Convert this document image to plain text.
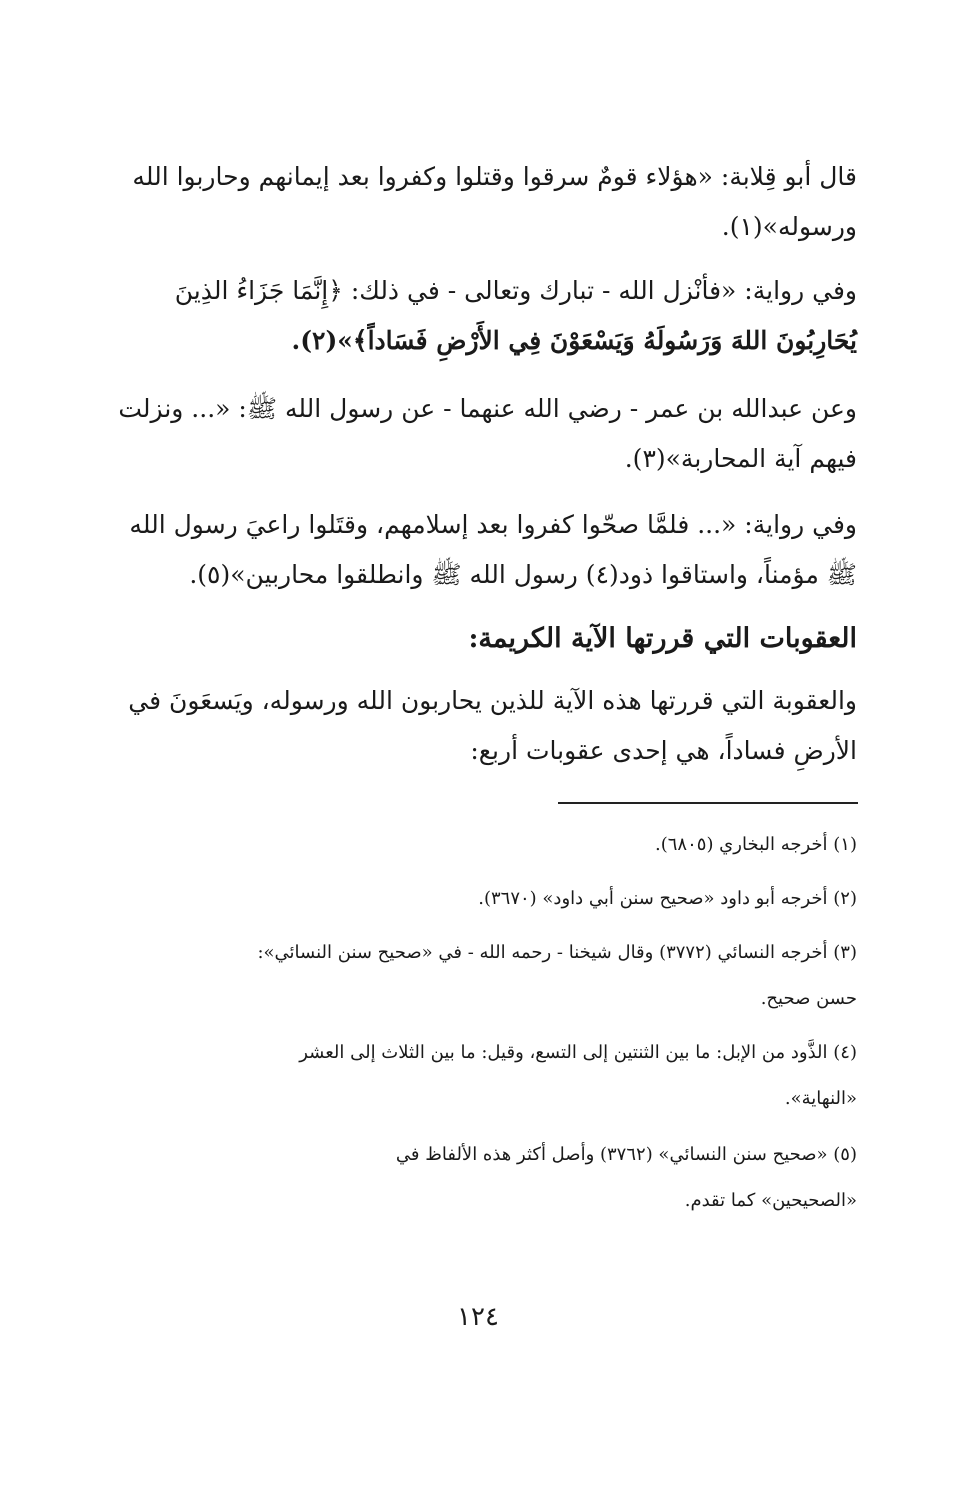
قال أبو قِلابة: «هؤلاء قومٌ سرقوا وقتلوا وكفروا بعد إيمانهم وحاربوا الله
ورسوله»(١).
وفي رواية: «فأنْزل الله - تبارك وتعالى - في ذلك: ﴿إِنَّمَا جَزَاءُ الذِينَ
يُحَارِبُونَ اللهَ وَرَسُولَهُ وَيَسْعَوْنَ فِي الأَرْضِ فَسَاداً﴾»(٢).
وعن عبدالله بن عمر - رضي الله عنهما - عن رسول الله ﷺ: «... ونزلت
فيهم آية المحاربة»(٣).
وفي رواية: «... فلمَّا صحّوا كفروا بعد إسلامهم، وقتَلوا راعيَ رسول الله
ﷺ مؤمناً، واستاقوا ذود(٤) رسول الله ﷺ وانطلقوا محاربين»(٥).
العقوبات التي قررتها الآية الكريمة:
والعقوبة التي قررتها هذه الآية للذين يحاربون الله ورسوله، ويَسعَونَ في
الأرضِ فساداً، هي إحدى عقوبات أربع:
(١) أخرجه البخاري (٦٨٠٥).
(٢) أخرجه أبو داود «صحيح سنن أبي داود» (٣٦٧٠).
(٣) أخرجه النسائي (٣٧٧٢) وقال شيخنا - رحمه الله - في «صحيح سنن النسائي»:
حسن صحيح.
(٤) الذَّود من الإبل: ما بين الثنتين إلى التسع، وقيل: ما بين الثلاث إلى العشر
«النهاية».
(٥) «صحيح سنن النسائي» (٣٧٦٢) وأصل أكثر هذه الألفاظ في
«الصحيحين» كما تقدم.
١٢٤
